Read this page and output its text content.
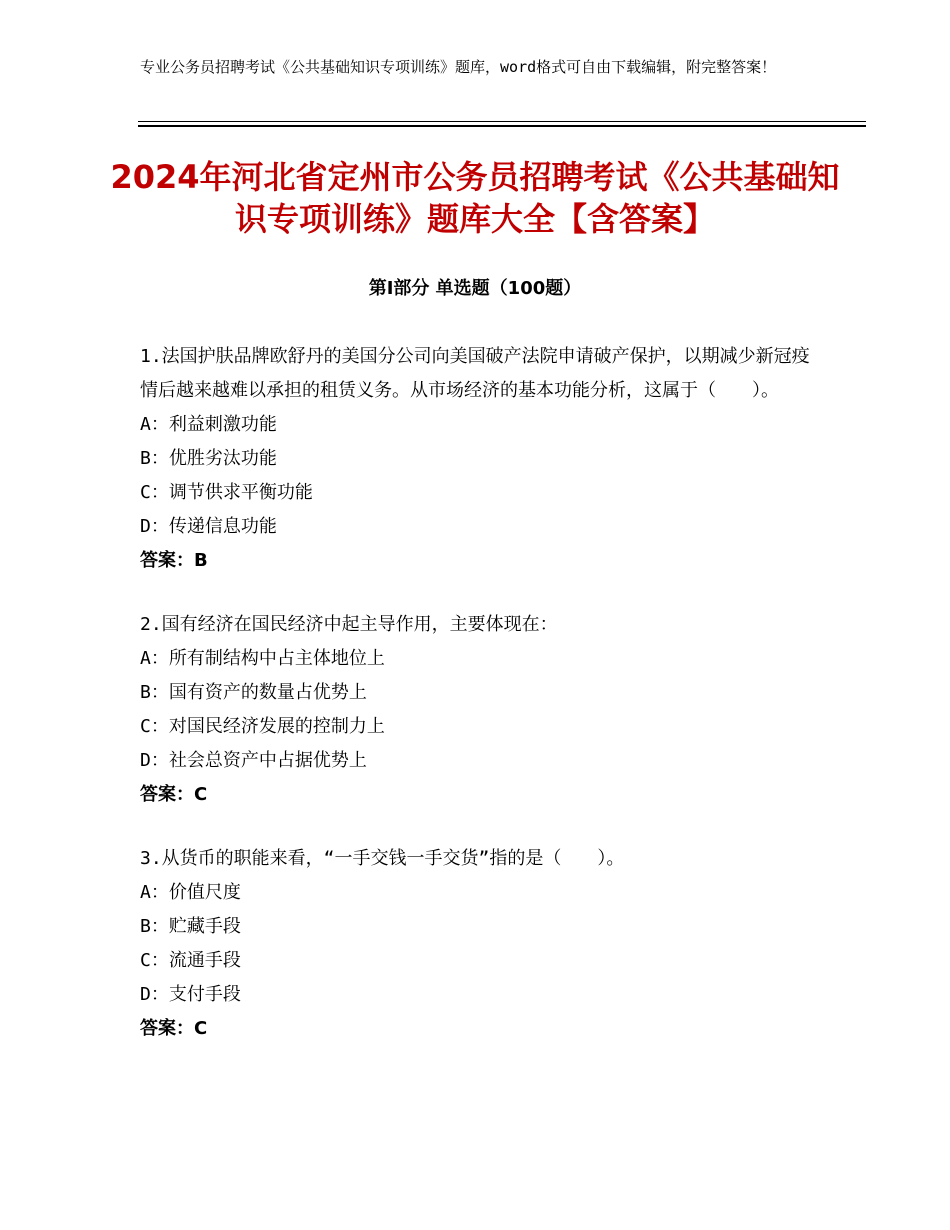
专业公务员招聘考试《公共基础知识专项训练》题库，word格式可自由下载编辑，附完整答案！
2024年河北省定州市公务员招聘考试《公共基础知识专项训练》题库大全【含答案】
第Ⅰ部分 单选题（100题）
1.法国护肤品牌欧舒丹的美国分公司向美国破产法院申请破产保护，以期减少新冠疫情后越来越难以承担的租赁义务。从市场经济的基本功能分析，这属于（　　）。
A：利益刺激功能
B：优胜劣汰功能
C：调节供求平衡功能
D：传递信息功能
答案：B
2.国有经济在国民经济中起主导作用，主要体现在：
A：所有制结构中占主体地位上
B：国有资产的数量占优势上
C：对国民经济发展的控制力上
D：社会总资产中占据优势上
答案：C
3.从货币的职能来看，“一手交钱一手交货”指的是（　　）。
A：价值尺度
B：贮藏手段
C：流通手段
D：支付手段
答案：C
